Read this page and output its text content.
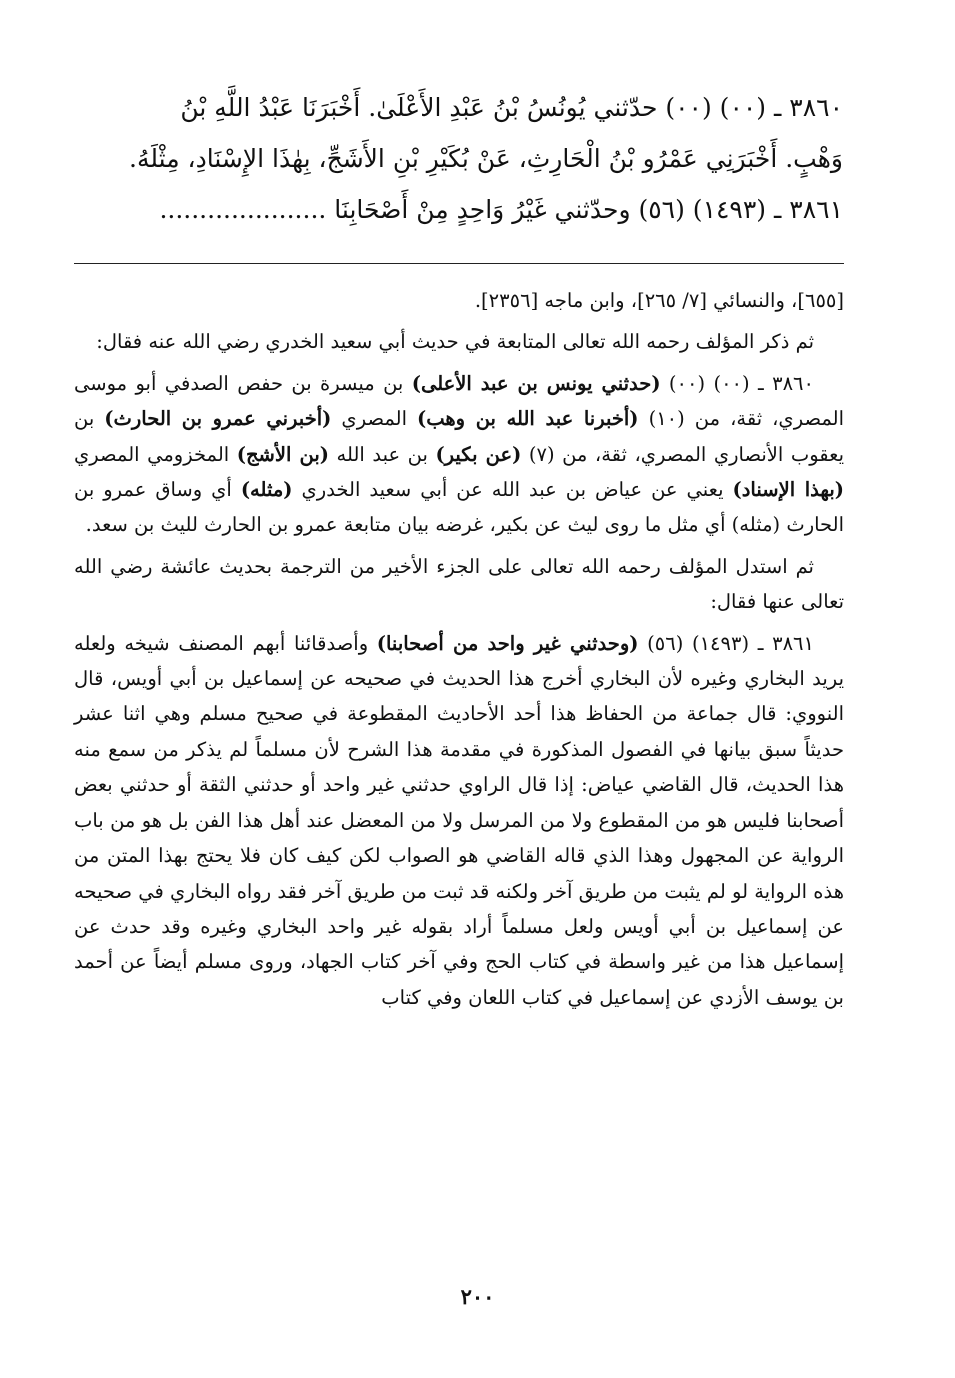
٣٨٦٠ ـ (٠٠) (٠٠) حدّثني يُونُسُ بْنُ عَبْدِ الأَعْلَىٰ. أَخْبَرَنَا عَبْدُ اللَّهِ بْنُ

وَهْبٍ. أَخْبَرَنِي عَمْرُو بْنُ الْحَارِثِ، عَنْ بُكَيْرِ بْنِ الأَشَجِّ، بِهٰذَا الإِسْنَادِ، مِثْلَهُ.

٣٨٦١ ـ (١٤٩٣) (٥٦) وحدّثني غَيْرُ وَاحِدٍ مِنْ أَصْحَابِنَا .....................

[٦٥٥]، والنسائي [٧/ ٢٦٥]، وابن ماجه [٢٣٥٦].

ثم ذكر المؤلف رحمه الله تعالى المتابعة في حديث أبي سعيد الخدري رضي الله عنه فقال:

٣٨٦٠ ـ (٠٠) (٠٠) (حدثني يونس بن عبد الأعلى) بن ميسرة بن حفص الصدفي أبو موسى المصري، ثقة، من (١٠) (أخبرنا عبد الله بن وهب) المصري (أخبرني عمرو بن الحارث) بن يعقوب الأنصاري المصري، ثقة، من (٧) (عن بكير) بن عبد الله (بن الأشج) المخزومي المصري (بهذا الإسناد) يعني عن عياض بن عبد الله عن أبي سعيد الخدري (مثله) أي وساق عمرو بن الحارث (مثله) أي مثل ما روى ليث عن بكير، غرضه بيان متابعة عمرو بن الحارث لليث بن سعد.

ثم استدل المؤلف رحمه الله تعالى على الجزء الأخير من الترجمة بحديث عائشة رضي الله تعالى عنها فقال:

٣٨٦١ ـ (١٤٩٣) (٥٦) (وحدثني غير واحد من أصحابنا) وأصدقائنا أبهم المصنف شيخه ولعله يريد البخاري وغيره لأن البخاري أخرج هذا الحديث في صحيحه عن إسماعيل بن أبي أويس، قال النووي: قال جماعة من الحفاظ هذا أحد الأحاديث المقطوعة في صحيح مسلم وهي اثنا عشر حديثاً سبق بيانها في الفصول المذكورة في مقدمة هذا الشرح لأن مسلماً لم يذكر من سمع منه هذا الحديث، قال القاضي عياض: إذا قال الراوي حدثني غير واحد أو حدثني الثقة أو حدثني بعض أصحابنا فليس هو من المقطوع ولا من المرسل ولا من المعضل عند أهل هذا الفن بل هو من باب الرواية عن المجهول وهذا الذي قاله القاضي هو الصواب لكن كيف كان فلا يحتج بهذا المتن من هذه الرواية لو لم يثبت من طريق آخر ولكنه قد ثبت من طريق آخر فقد رواه البخاري في صحيحه عن إسماعيل بن أبي أويس ولعل مسلماً أراد بقوله غير واحد البخاري وغيره وقد حدث عن إسماعيل هذا من غير واسطة في كتاب الحج وفي آخر كتاب الجهاد، وروى مسلم أيضاً عن أحمد بن يوسف الأزدي عن إسماعيل في كتاب اللعان وفي كتاب

٢٠٠
